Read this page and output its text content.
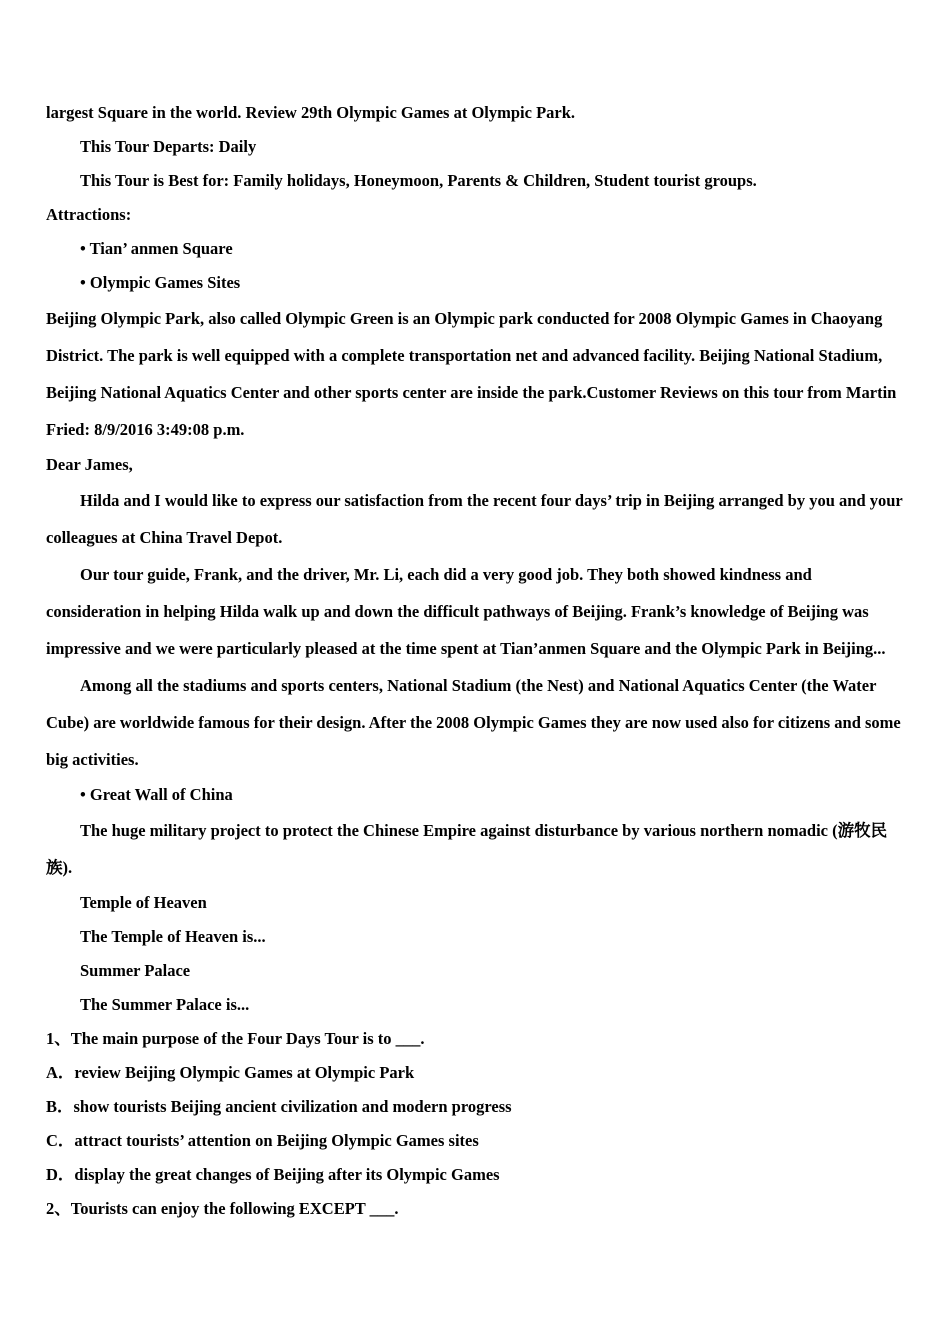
largest Square in the world. Review 29th Olympic Games at Olympic Park.
This Tour Departs: Daily
This Tour is Best for: Family holidays, Honeymoon, Parents & Children, Student tourist groups.
Attractions:
• Tian’ anmen Square
• Olympic Games Sites
Beijing Olympic Park, also called Olympic Green is an Olympic park conducted for 2008 Olympic Games in Chaoyang District. The park is well equipped with a complete transportation net and advanced facility. Beijing National Stadium, Beijing National Aquatics Center and other sports center are inside the park.Customer Reviews on this tour from Martin Fried: 8/9/2016 3:49:08 p.m.
Dear James,
Hilda and I would like to express our satisfaction from the recent four days’ trip in Beijing arranged by you and your colleagues at China Travel Depot.
Our tour guide, Frank, and the driver, Mr. Li, each did a very good job. They both showed kindness and consideration in helping Hilda walk up and down the difficult pathways of Beijing. Frank’s knowledge of Beijing was impressive and we were particularly pleased at the time spent at Tian’anmen Square and the Olympic Park in Beijing...
Among all the stadiums and sports centers, National Stadium (the Nest) and National Aquatics Center (the Water Cube) are worldwide famous for their design. After the 2008 Olympic Games they are now used also for citizens and some big activities.
• Great Wall of China
The huge military project to protect the Chinese Empire against disturbance by various northern nomadic (游牧民族).
Temple of Heaven
The Temple of Heaven is...
Summer Palace
The Summer Palace is...
1、The main purpose of the Four Days Tour is to ___.
A．review Beijing Olympic Games at Olympic Park
B．show tourists Beijing ancient civilization and modern progress
C．attract tourists’ attention on Beijing Olympic Games sites
D．display the great changes of Beijing after its Olympic Games
2、Tourists can enjoy the following EXCEPT ___.
